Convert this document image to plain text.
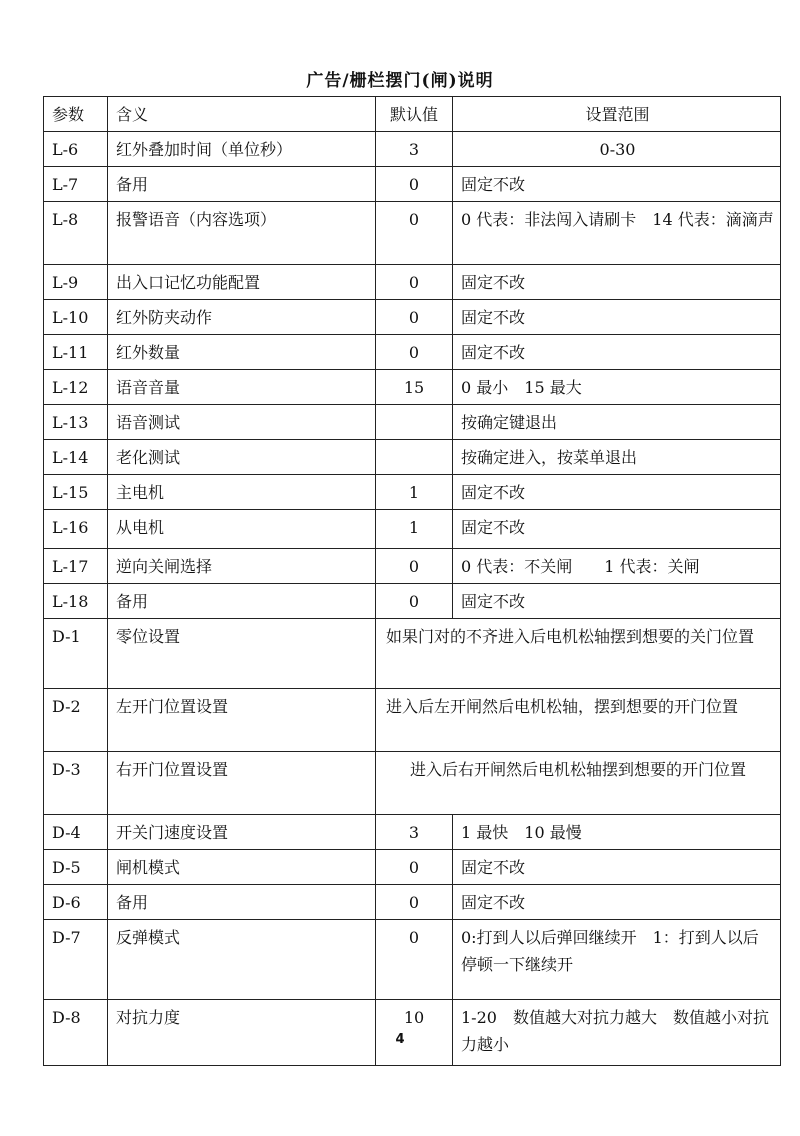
广告/栅栏摆门(闸)说明
参数	含义	默认值	设置范围
L-6	红外叠加时间（单位秒）	3	0-30
L-7	备用	0	固定不改
L-8	报警语音（内容选项）	0	0 代表：非法闯入请刷卡　14 代表：滴滴声
L-9	出入口记忆功能配置	0	固定不改
L-10	红外防夹动作	0	固定不改
L-11	红外数量	0	固定不改
L-12	语音音量	15	0 最小　15 最大
L-13	语音测试		按确定键退出
L-14	老化测试		按确定进入，按菜单退出
L-15	主电机	1	固定不改
L-16	从电机	1	固定不改
L-17	逆向关闸选择	0	0 代表：不关闸　　1 代表：关闸
L-18	备用	0	固定不改
D-1	零位设置	如果门对的不齐进入后电机松轴摆到想要的关门位置	
D-2	左开门位置设置	进入后左开闸然后电机松轴，摆到想要的开门位置	
D-3	右开门位置设置	进入后右开闸然后电机松轴摆到想要的开门位置	
D-4	开关门速度设置	3	1 最快　10 最慢
D-5	闸机模式	0	固定不改
D-6	备用	0	固定不改
D-7	反弹模式	0	0:打到人以后弹回继续开　1：打到人以后 停顿一下继续开
D-8	对抗力度	10	1-20　数值越大对抗力越大　数值越小对抗力越小
4
